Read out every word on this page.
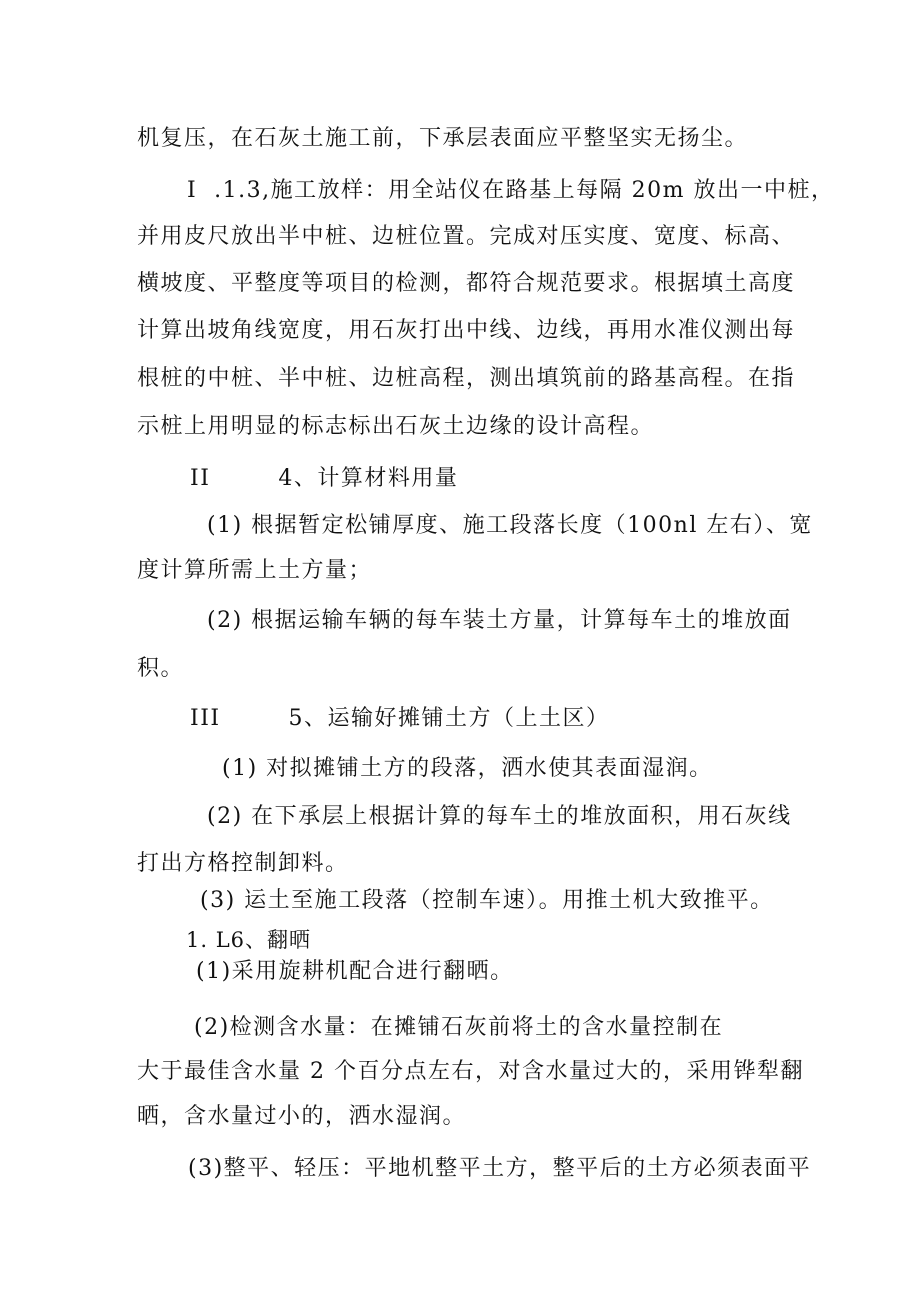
机复压，在石灰土施工前，下承层表面应平整坚实无扬尘。
I  .1.3,施工放样：用全站仪在路基上每隔 20m 放出一中桩，
并用皮尺放出半中桩、边桩位置。完成对压实度、宽度、标高、
横坡度、平整度等项目的检测，都符合规范要求。根据填土高度
计算出坡角线宽度，用石灰打出中线、边线，再用水准仪测出每
根桩的中桩、半中桩、边桩高程，测出填筑前的路基高程。在指
示桩上用明显的标志标出石灰土边缘的设计高程。
II        4、计算材料用量
(1) 根据暂定松铺厚度、施工段落长度（100nl 左右）、宽
度计算所需上土方量；
(2) 根据运输车辆的每车装土方量，计算每车土的堆放面
积。
III        5、运输好摊铺土方（上土区）
(1) 对拟摊铺土方的段落，洒水使其表面湿润。
(2) 在下承层上根据计算的每车土的堆放面积，用石灰线
打出方格控制卸料。
(3) 运土至施工段落（控制车速）。用推土机大致推平。
1. L6、翻晒
(1)采用旋耕机配合进行翻晒。
(2)检测含水量：在摊铺石灰前将土的含水量控制在
大于最佳含水量 2 个百分点左右，对含水量过大的，采用铧犁翻
晒，含水量过小的，洒水湿润。
(3)整平、轻压：平地机整平土方，整平后的土方必须表面平
